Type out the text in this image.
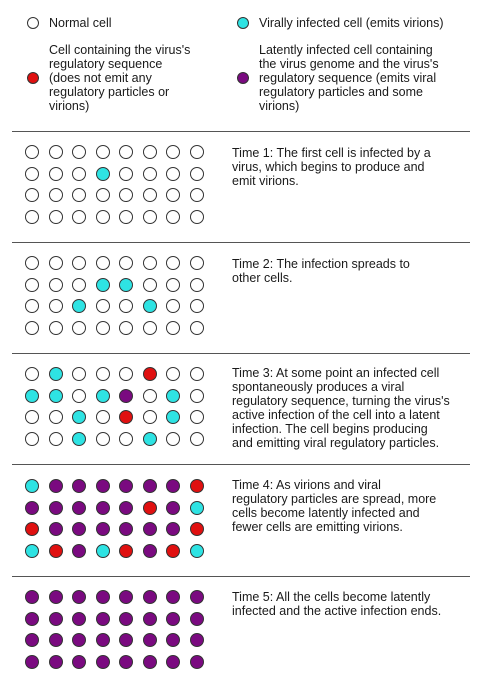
Normal cell	Virally infected cell (emits virions)
Cell containing the virus's
regulatory sequence
(does not emit any
regulatory particles or
virions)
Latently infected cell containing
the virus genome and the virus's
regulatory sequence (emits viral
regulatory particles and some
virions)
Time 1: The first cell is infected by a
virus, which begins to produce and
emit virions.
Time 2: The infection spreads to
other cells.
Time 3: At some point an infected cell
spontaneously produces a viral
regulatory sequence, turning the virus's
active infection of the cell into a latent
infection. The cell begins producing
and emitting viral regulatory particles.
Time 4: As virions and viral
regulatory particles are spread, more
cells become latently infected and
fewer cells are emitting virions.
Time 5: All the cells become latently
infected and the active infection ends.
